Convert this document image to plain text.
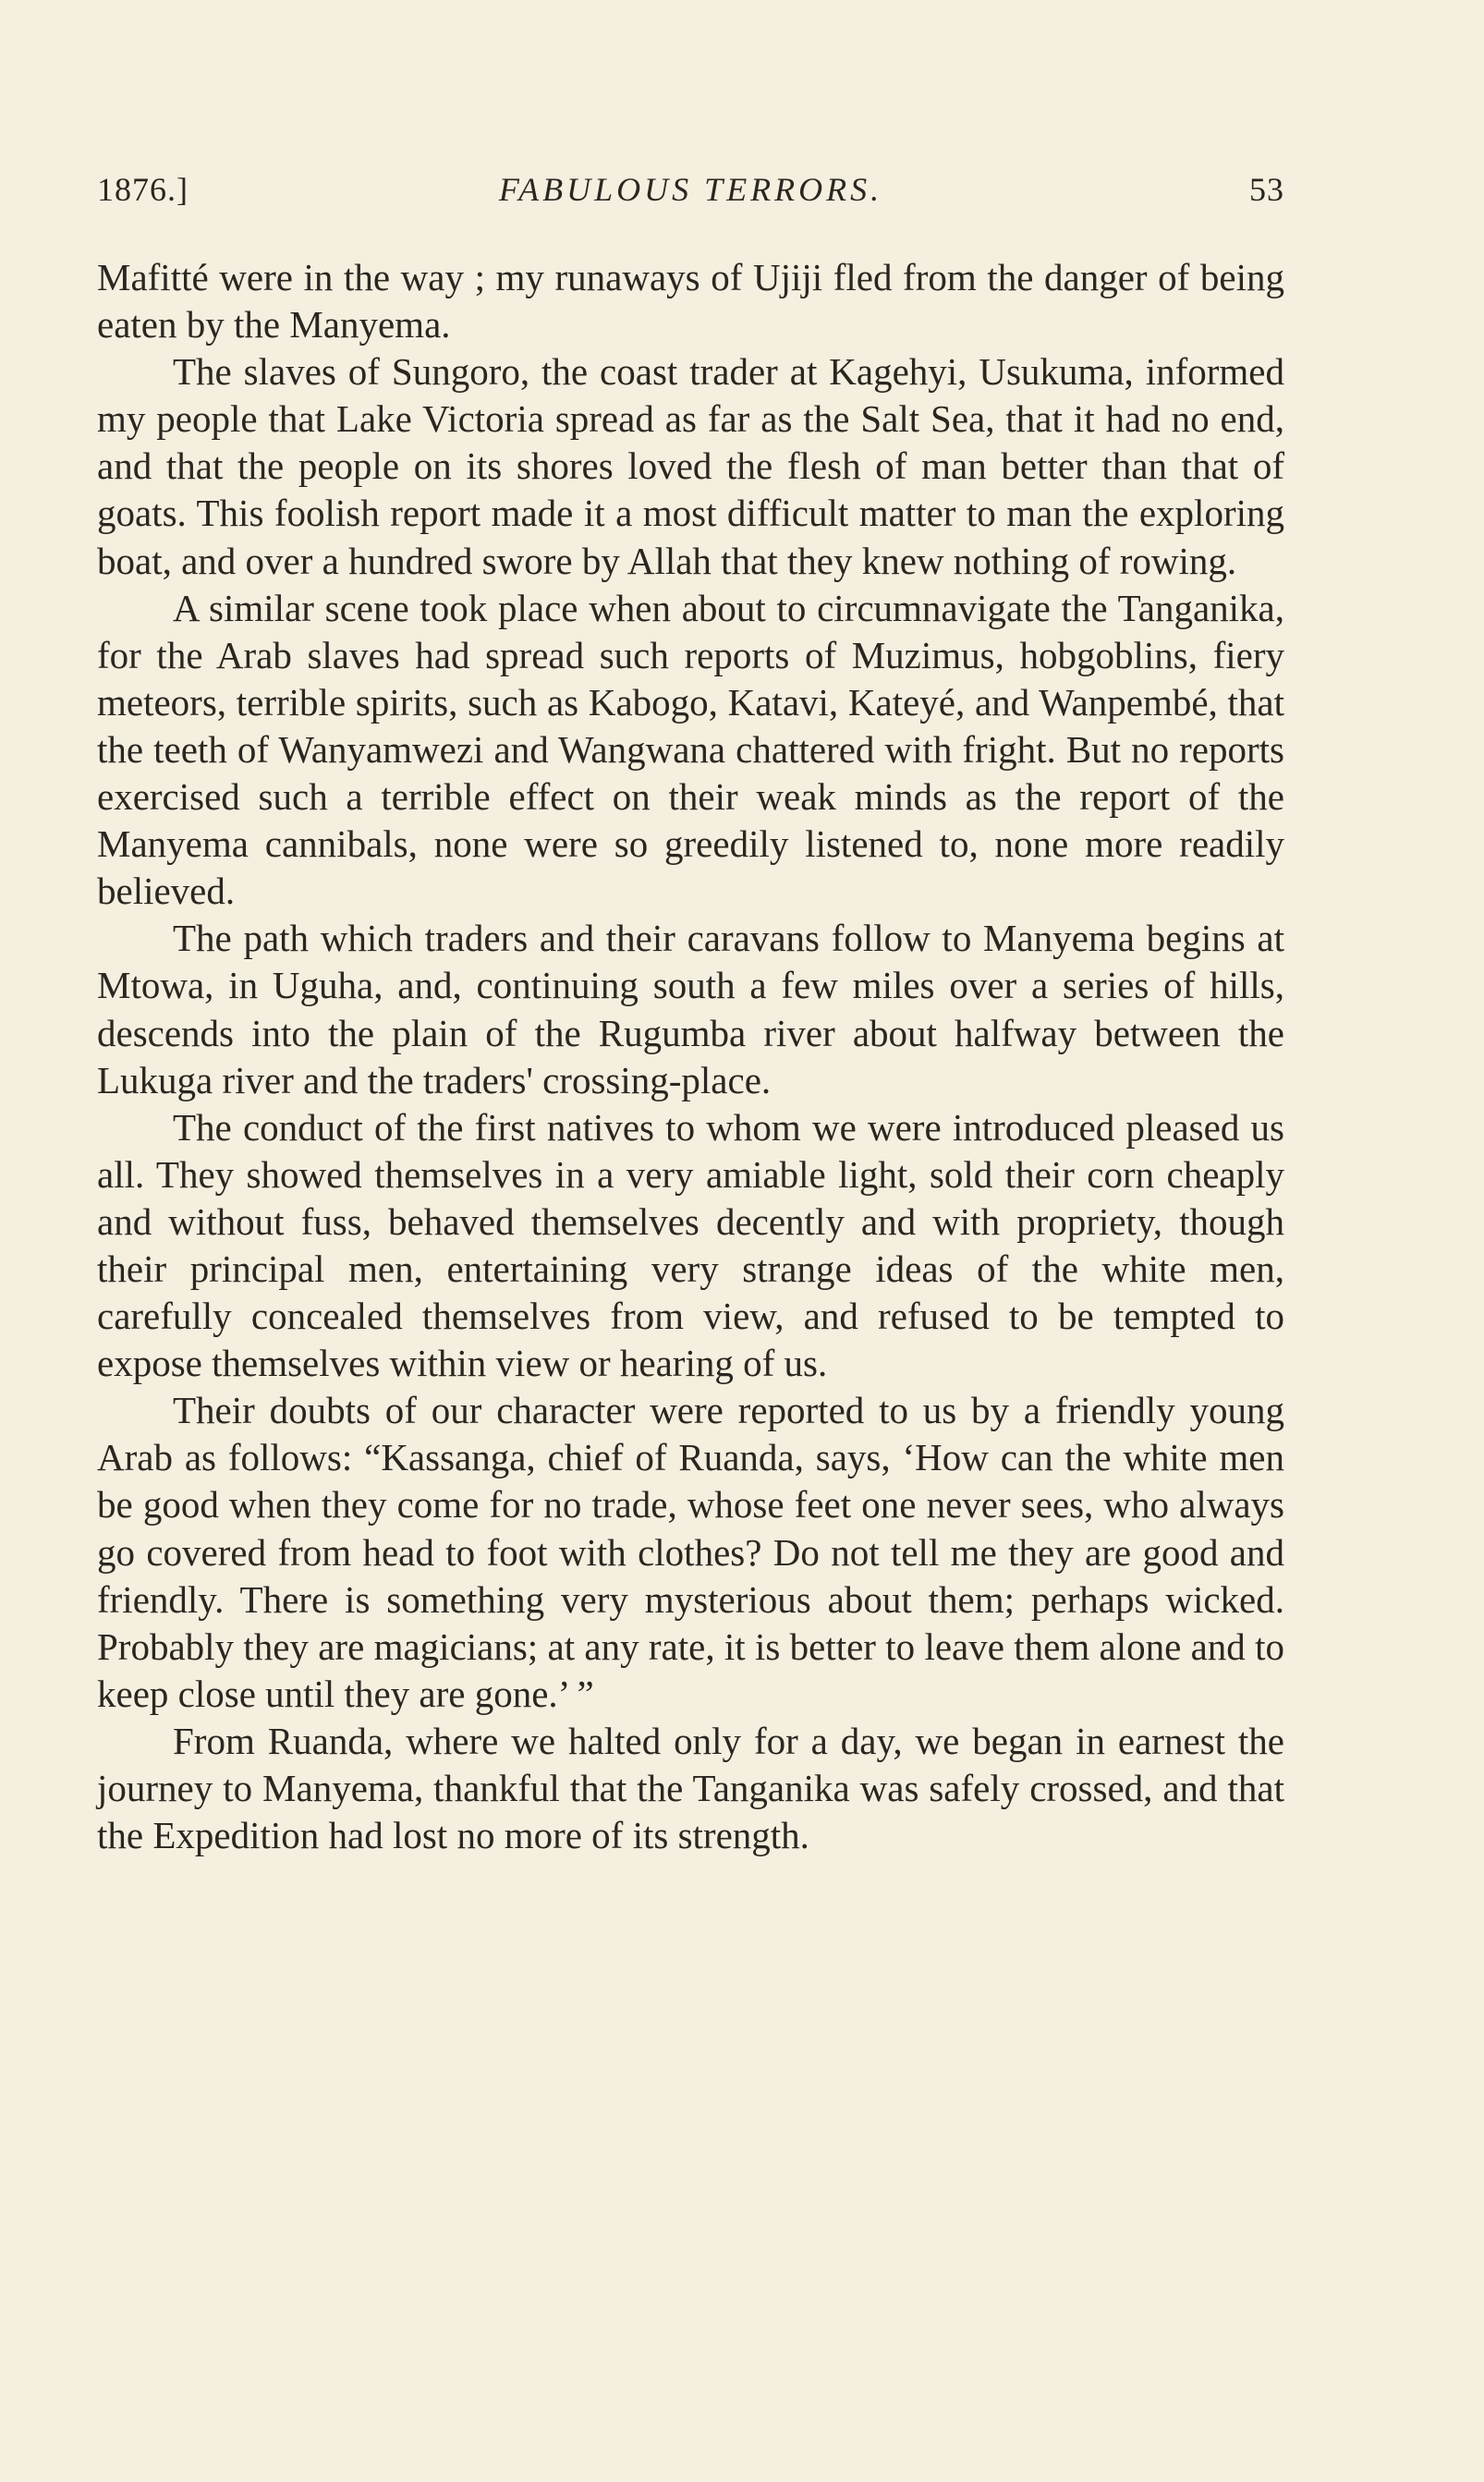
1876.]	FABULOUS TERRORS.	53

Mafitté were in the way ; my runaways of Ujiji fled from the danger of being eaten by the Manyema.

The slaves of Sungoro, the coast trader at Kagehyi, Usukuma, informed my people that Lake Victoria spread as far as the Salt Sea, that it had no end, and that the people on its shores loved the flesh of man better than that of goats. This foolish report made it a most difficult matter to man the exploring boat, and over a hundred swore by Allah that they knew nothing of rowing.

A similar scene took place when about to circumnavigate the Tanganika, for the Arab slaves had spread such reports of Muzimus, hobgoblins, fiery meteors, terrible spirits, such as Kabogo, Katavi, Kateyé, and Wanpembé, that the teeth of Wanyamwezi and Wangwana chattered with fright. But no reports exercised such a terrible effect on their weak minds as the report of the Manyema cannibals, none were so greedily listened to, none more readily believed.

The path which traders and their caravans follow to Manyema begins at Mtowa, in Uguha, and, continuing south a few miles over a series of hills, descends into the plain of the Rugumba river about halfway between the Lukuga river and the traders' crossing-place.

The conduct of the first natives to whom we were introduced pleased us all. They showed themselves in a very amiable light, sold their corn cheaply and without fuss, behaved themselves decently and with propriety, though their principal men, entertaining very strange ideas of the white men, carefully concealed themselves from view, and refused to be tempted to expose themselves within view or hearing of us.

Their doubts of our character were reported to us by a friendly young Arab as follows: “Kassanga, chief of Ruanda, says, ‘How can the white men be good when they come for no trade, whose feet one never sees, who always go covered from head to foot with clothes? Do not tell me they are good and friendly. There is something very mysterious about them; perhaps wicked. Probably they are magicians; at any rate, it is better to leave them alone and to keep close until they are gone.’ ”

From Ruanda, where we halted only for a day, we began in earnest the journey to Manyema, thankful that the Tanganika was safely crossed, and that the Expedition had lost no more of its strength.
